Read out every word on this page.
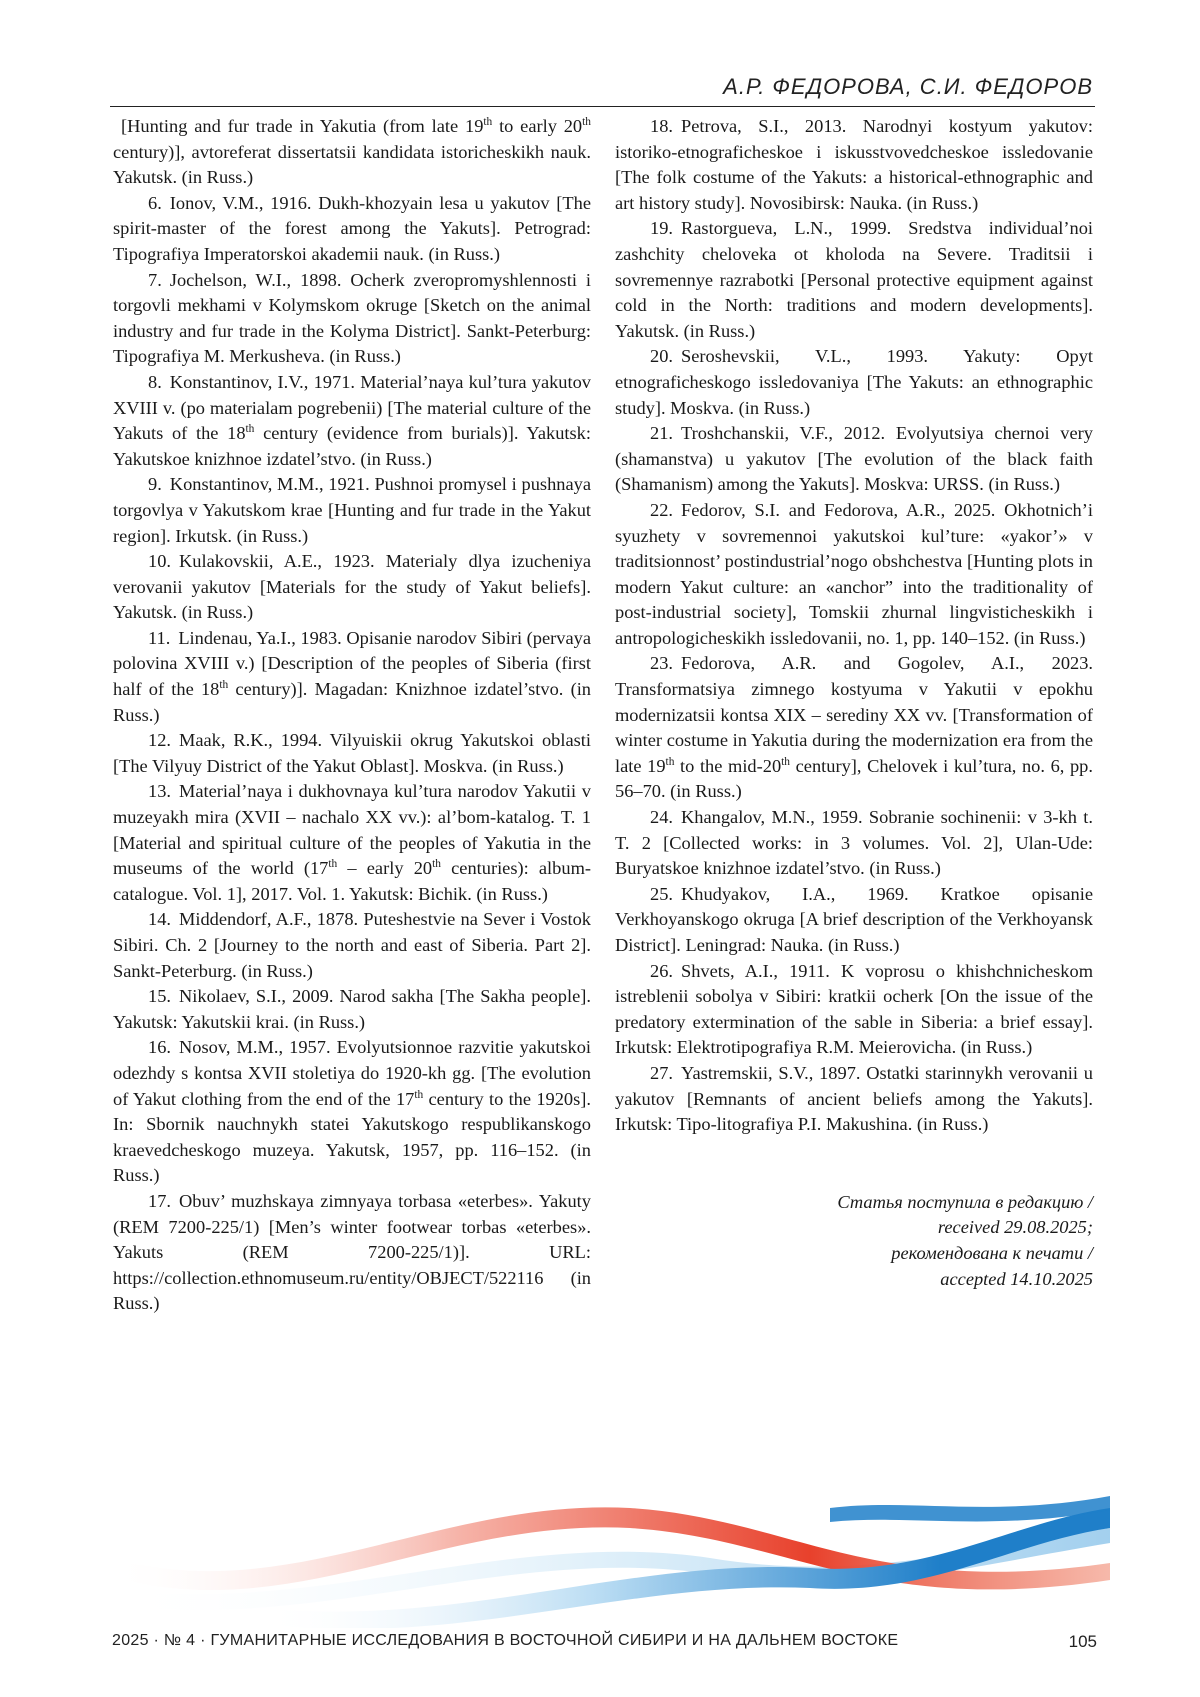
А.Р. ФЕДОРОВА, С.И. ФЕДОРОВ

[Hunting and fur trade in Yakutia (from late 19th to early 20th century)], avtoreferat dissertatsii kandidata istoricheskikh nauk. Yakutsk. (in Russ.)

6. Ionov, V.M., 1916. Dukh-khozyain lesa u yakutov [The spirit-master of the forest among the Yakuts]. Petrograd: Tipografiya Imperatorskoi akademii nauk. (in Russ.)

7. Jochelson, W.I., 1898. Ocherk zveropromyshlennosti i torgovli mekhami v Kolymskom okruge [Sketch on the animal industry and fur trade in the Kolyma District]. Sankt-Peterburg: Tipografiya M. Merkusheva. (in Russ.)

8. Konstantinov, I.V., 1971. Material’naya kul’tura yakutov XVIII v. (po materialam pogrebenii) [The material culture of the Yakuts of the 18th century (evidence from burials)]. Yakutsk: Yakutskoe knizhnoe izdatel’stvo. (in Russ.)

9. Konstantinov, M.M., 1921. Pushnoi promysel i pushnaya torgovlya v Yakutskom krae [Hunting and fur trade in the Yakut region]. Irkutsk. (in Russ.)

10. Kulakovskii, A.E., 1923. Materialy dlya izucheniya verovanii yakutov [Materials for the study of Yakut beliefs]. Yakutsk. (in Russ.)

11. Lindenau, Ya.I., 1983. Opisanie narodov Sibiri (pervaya polovina XVIII v.) [Description of the peoples of Siberia (first half of the 18th century)]. Magadan: Knizhnoe izdatel’stvo. (in Russ.)

12. Maak, R.K., 1994. Vilyuiskii okrug Yakutskoi oblasti [The Vilyuy District of the Yakut Oblast]. Moskva. (in Russ.)

13. Material’naya i dukhovnaya kul’tura narodov Yakutii v muzeyakh mira (XVII – nachalo XX vv.): al’bom-katalog. T. 1 [Material and spiritual culture of the peoples of Yakutia in the museums of the world (17th – early 20th centuries): album-catalogue. Vol. 1], 2017. Vol. 1. Yakutsk: Bichik. (in Russ.)

14. Middendorf, A.F., 1878. Puteshestvie na Sever i Vostok Sibiri. Ch. 2 [Journey to the north and east of Siberia. Part 2]. Sankt-Peterburg. (in Russ.)

15. Nikolaev, S.I., 2009. Narod sakha [The Sakha people]. Yakutsk: Yakutskii krai. (in Russ.)

16. Nosov, M.M., 1957. Evolyutsionnoe razvitie yakutskoi odezhdy s kontsa XVII stoletiya do 1920-kh gg. [The evolution of Yakut clothing from the end of the 17th century to the 1920s]. In: Sbornik nauchnykh statei Yakutskogo respublikanskogo kraevedcheskogo muzeya. Yakutsk, 1957, pp. 116–152. (in Russ.)

17. Obuv’ muzhskaya zimnyaya torbasa «eterbes». Yakuty (REM 7200-225/1) [Men’s winter footwear torbas «eterbes». Yakuts (REM 7200-225/1)]. URL: https://collection.ethnomuseum.ru/entity/OBJECT/522116 (in Russ.)

18. Petrova, S.I., 2013. Narodnyi kostyum yakutov: istoriko-etnograficheskoe i iskusstvovedcheskoe issledovanie [The folk costume of the Yakuts: a historical-ethnographic and art history study]. Novosibirsk: Nauka. (in Russ.)

19. Rastorgueva, L.N., 1999. Sredstva individual’noi zashchity cheloveka ot kholoda na Severe. Traditsii i sovremennye razrabotki [Personal protective equipment against cold in the North: traditions and modern developments]. Yakutsk. (in Russ.)

20. Seroshevskii, V.L., 1993. Yakuty: Opyt etnograficheskogo issledovaniya [The Yakuts: an ethnographic study]. Moskva. (in Russ.)

21. Troshchanskii, V.F., 2012. Evolyutsiya chernoi very (shamanstva) u yakutov [The evolution of the black faith (Shamanism) among the Yakuts]. Moskva: URSS. (in Russ.)

22. Fedorov, S.I. and Fedorova, A.R., 2025. Okhotnich’i syuzhety v sovremennoi yakutskoi kul’ture: «yakor’» v traditsionnost’ postindustrial’nogo obshchestva [Hunting plots in modern Yakut culture: an «anchor” into the traditionality of post-industrial society], Tomskii zhurnal lingvisticheskikh i antropologicheskikh issledovanii, no. 1, pp. 140–152. (in Russ.)

23. Fedorova, A.R. and Gogolev, A.I., 2023. Transformatsiya zimnego kostyuma v Yakutii v epokhu modernizatsii kontsa XIX – serediny XX vv. [Transformation of winter costume in Yakutia during the modernization era from the late 19th to the mid-20th century], Chelovek i kul’tura, no. 6, pp. 56–70. (in Russ.)

24. Khangalov, M.N., 1959. Sobranie sochinenii: v 3-kh t. T. 2 [Collected works: in 3 volumes. Vol. 2], Ulan-Ude: Buryatskoe knizhnoe izdatel’stvo. (in Russ.)

25. Khudyakov, I.A., 1969. Kratkoe opisanie Verkhoyanskogo okruga [A brief description of the Verkhoyansk District]. Leningrad: Nauka. (in Russ.)

26. Shvets, A.I., 1911. K voprosu o khishchnicheskom istreblenii sobolya v Sibiri: kratkii ocherk [On the issue of the predatory extermination of the sable in Siberia: a brief essay]. Irkutsk: Elektrotipografiya R.M. Meierovicha. (in Russ.)

27. Yastremskii, S.V., 1897. Ostatki starinnykh verovanii u yakutov [Remnants of ancient beliefs among the Yakuts]. Irkutsk: Tipo-litografiya P.I. Makushina. (in Russ.)

Статья поступила в редакцию /
received 29.08.2025;
рекомендована к печати /
accepted 14.10.2025
2025 · № 4 · ГУМАНИТАРНЫЕ ИССЛЕДОВАНИЯ В ВОСТОЧНОЙ СИБИРИ И НА ДАЛЬНЕМ ВОСТОКЕ	105
